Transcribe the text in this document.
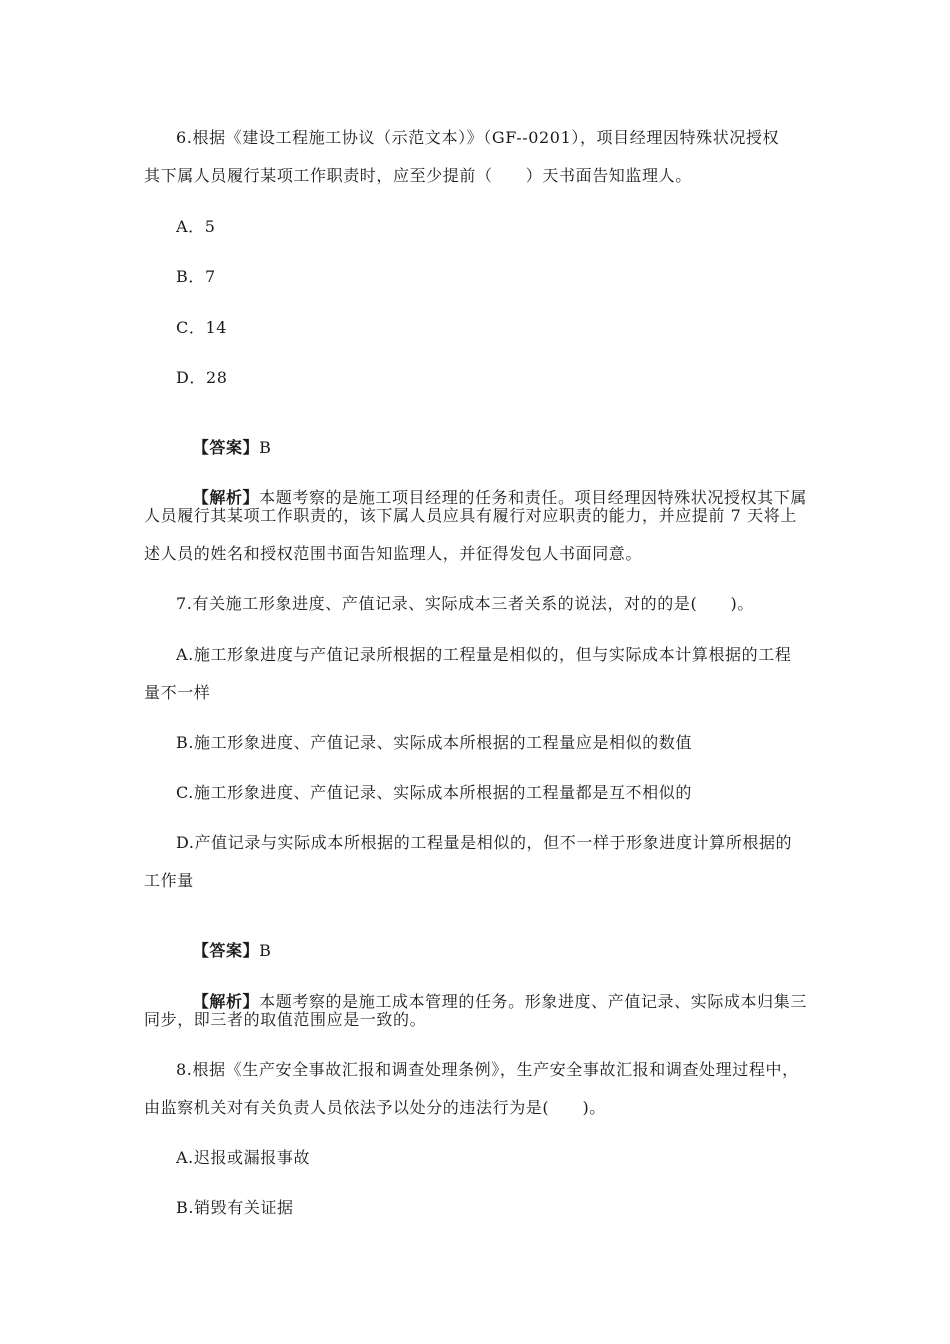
6.根据《建设工程施工协议（示范文本）》（GF--0201），项目经理因特殊状况授权
其下属人员履行某项工作职责时，应至少提前（　　）天书面告知监理人。
A．5
B．7
C．14
D．28

【答案】B

【解析】本题考察的是施工项目经理的任务和责任。项目经理因特殊状况授权其下属

人员履行其某项工作职责的，该下属人员应具有履行对应职责的能力，并应提前 7 天将上
述人员的姓名和授权范围书面告知监理人，并征得发包人书面同意。
7.有关施工形象进度、产值记录、实际成本三者关系的说法，对的的是(　　)。
A.施工形象进度与产值记录所根据的工程量是相似的，但与实际成本计算根据的工程
量不一样
B.施工形象进度、产值记录、实际成本所根据的工程量应是相似的数值
C.施工形象进度、产值记录、实际成本所根据的工程量都是互不相似的
D.产值记录与实际成本所根据的工程量是相似的，但不一样于形象进度计算所根据的
工作量

【答案】B

【解析】本题考察的是施工成本管理的任务。形象进度、产值记录、实际成本归集三

同步，即三者的取值范围应是一致的。
8.根据《生产安全事故汇报和调查处理条例》，生产安全事故汇报和调查处理过程中，
由监察机关对有关负责人员依法予以处分的违法行为是(　　)。
A.迟报或漏报事故
B.销毁有关证据
